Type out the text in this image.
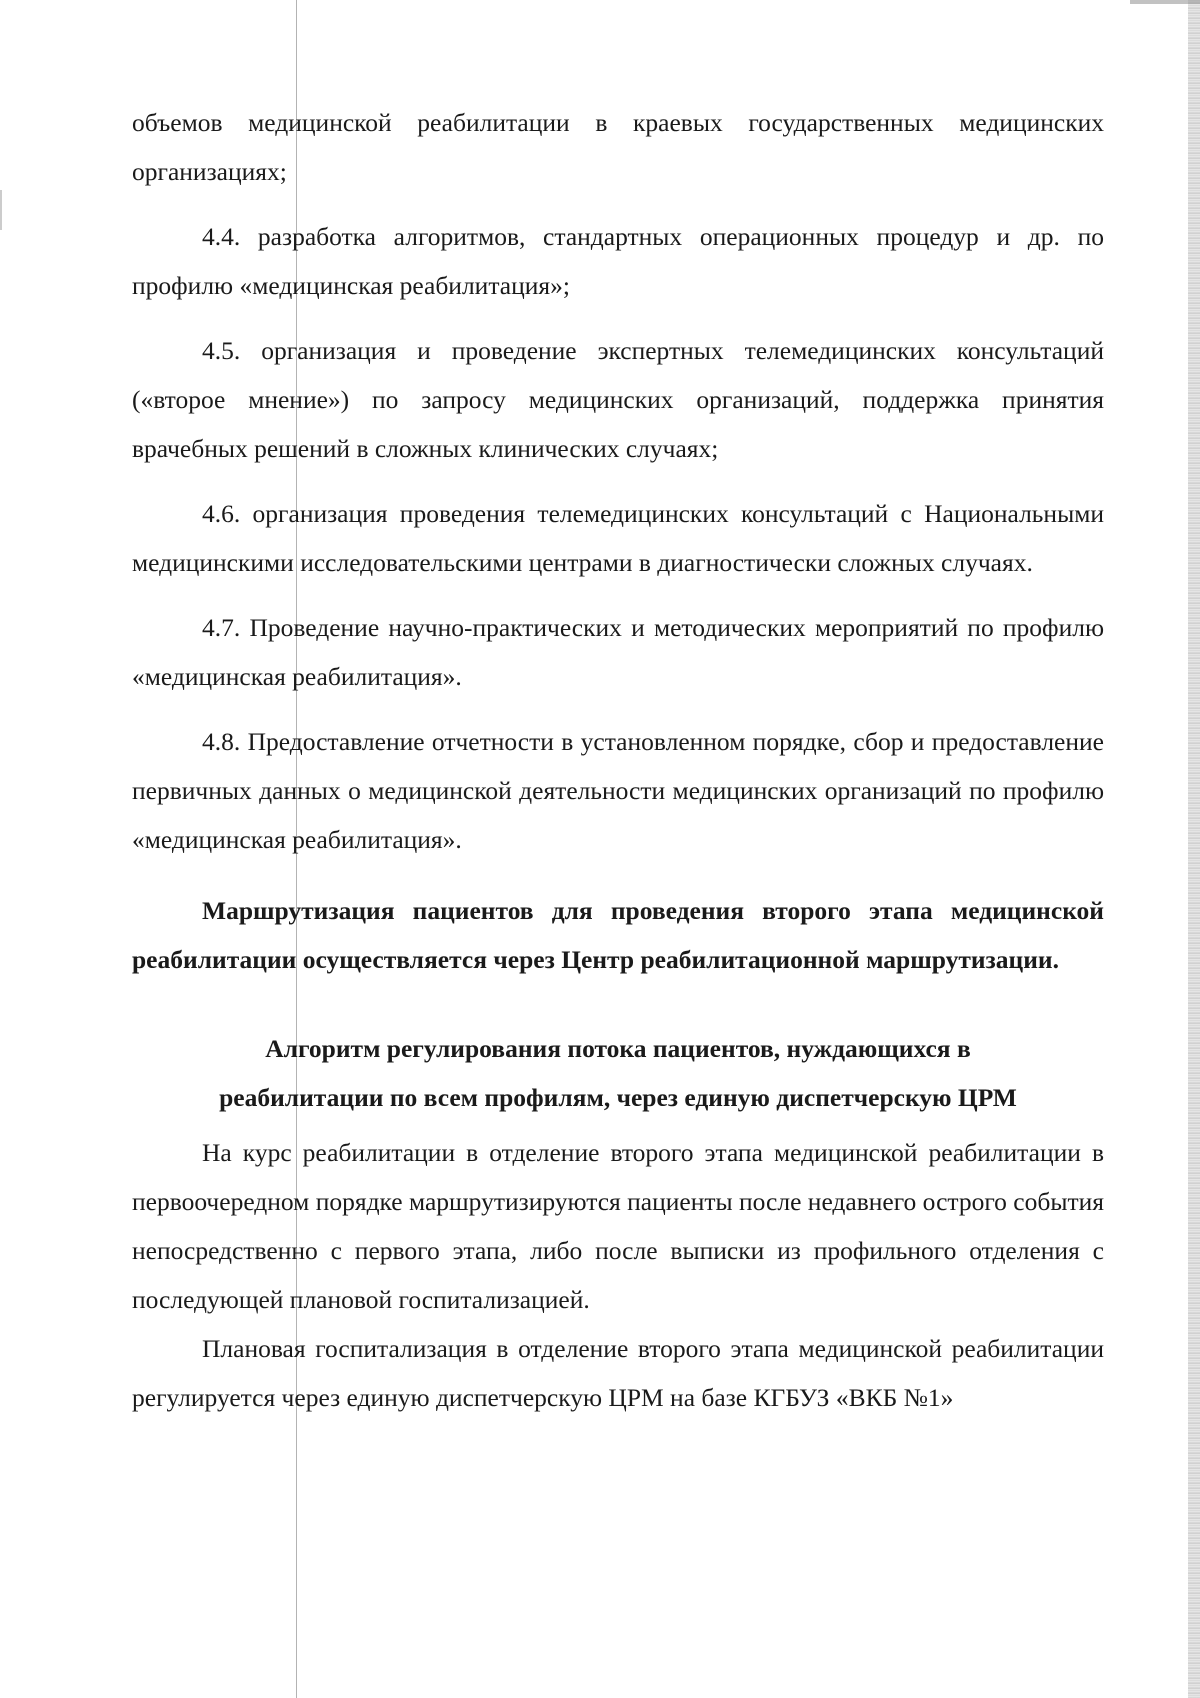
объемов медицинской реабилитации в краевых государственных медицинских организациях;

4.4. разработка алгоритмов, стандартных операционных процедур и др. по профилю «медицинская реабилитация»;

4.5. организация и проведение экспертных телемедицинских консультаций («второе мнение») по запросу медицинских организаций, поддержка принятия врачебных решений в сложных клинических случаях;

4.6. организация проведения телемедицинских консультаций с Национальными медицинскими исследовательскими центрами в диагностически сложных случаях.

4.7. Проведение научно-практических и методических мероприятий по профилю «медицинская реабилитация».

4.8. Предоставление отчетности в установленном порядке, сбор и предоставление первичных данных о медицинской деятельности медицинских организаций по профилю «медицинская реабилитация».

Маршрутизация пациентов для проведения второго этапа медицинской реабилитации осуществляется через Центр реабилитационной маршрутизации.

Алгоритм регулирования потока пациентов, нуждающихся в

реабилитации по всем профилям, через единую диспетчерскую ЦРМ

На курс реабилитации в отделение второго этапа медицинской реабилитации в первоочередном порядке маршрутизируются пациенты после недавнего острого события непосредственно с первого этапа, либо после выписки из профильного отделения с последующей плановой госпитализацией.

Плановая госпитализация в отделение второго этапа медицинской реабилитации регулируется через единую диспетчерскую ЦРМ на базе КГБУЗ «ВКБ №1»
